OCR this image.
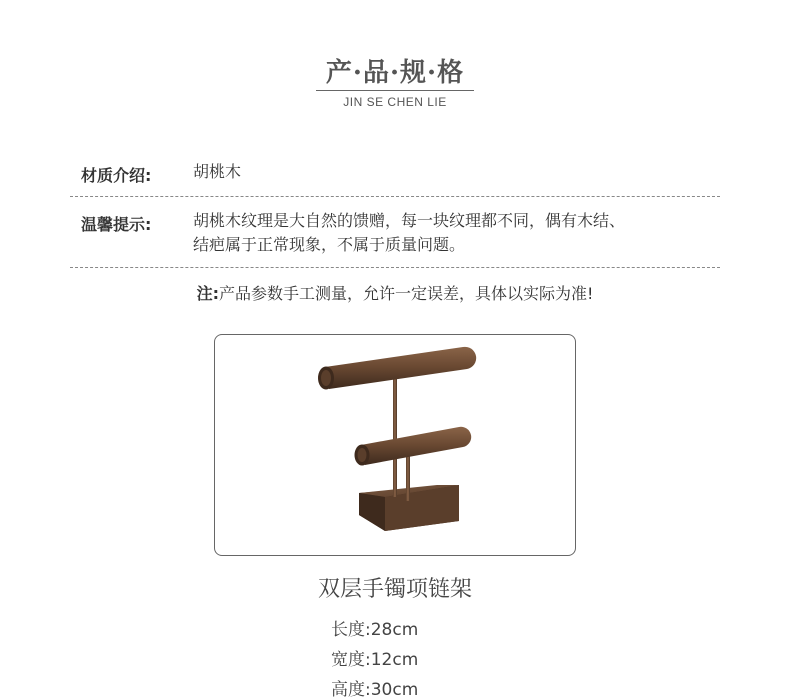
产·品·规·格
JIN SE CHEN LIE
材质介绍:	胡桃木
温馨提示:	胡桃木纹理是大自然的馈赠，每一块纹理都不同，偶有木结、
结疤属于正常现象，不属于质量问题。
注:产品参数手工测量，允许一定误差，具体以实际为准!
双层手镯项链架
长度:28cm
宽度:12cm
高度:30cm
